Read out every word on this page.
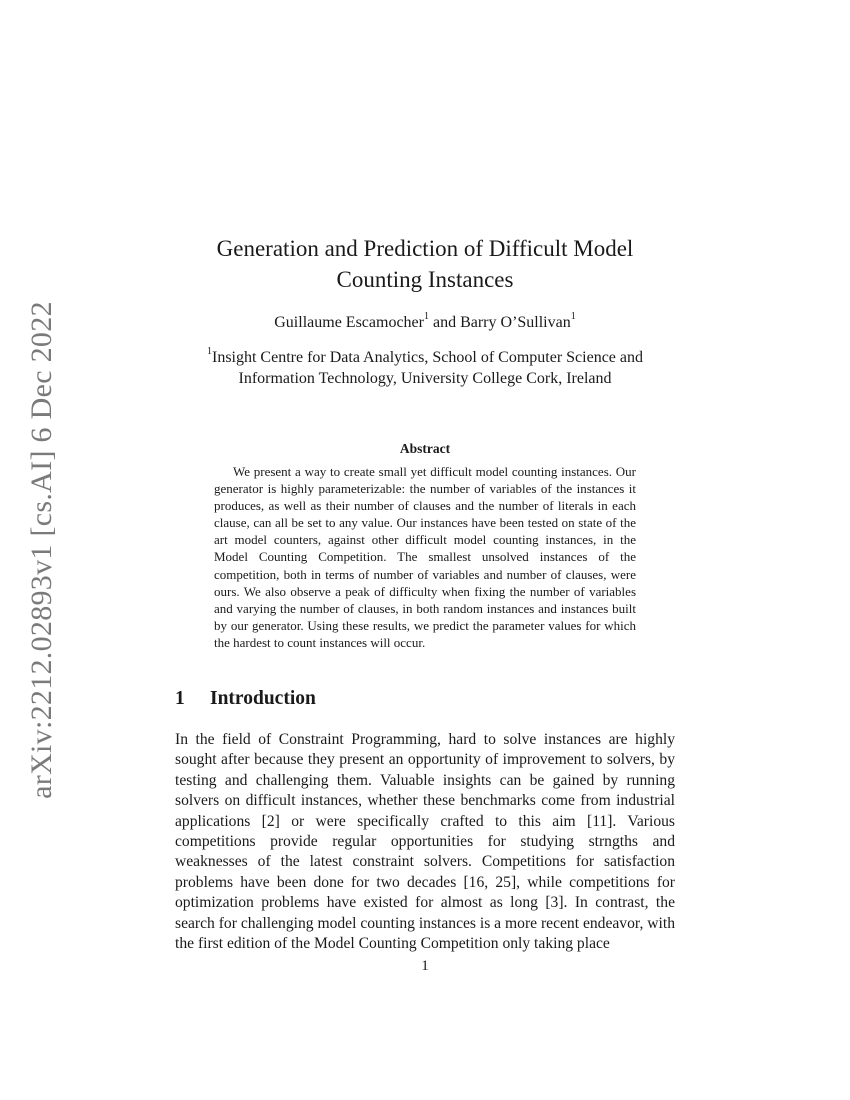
arXiv:2212.02893v1 [cs.AI] 6 Dec 2022
Generation and Prediction of Difficult Model Counting Instances
Guillaume Escamocher$^1$ and Barry O’Sullivan$^1$
$^1$Insight Centre for Data Analytics, School of Computer Science and Information Technology, University College Cork, Ireland
Abstract
We present a way to create small yet difficult model counting instances. Our generator is highly parameterizable: the number of variables of the instances it produces, as well as their number of clauses and the number of literals in each clause, can all be set to any value. Our instances have been tested on state of the art model counters, against other difficult model counting instances, in the Model Counting Competition. The smallest unsolved instances of the competition, both in terms of number of variables and number of clauses, were ours. We also observe a peak of difficulty when fixing the number of variables and varying the number of clauses, in both random instances and instances built by our generator. Using these results, we predict the parameter values for which the hardest to count instances will occur.
1 Introduction
In the field of Constraint Programming, hard to solve instances are highly sought after because they present an opportunity of improvement to solvers, by testing and challenging them. Valuable insights can be gained by running solvers on difficult instances, whether these benchmarks come from industrial applications [2] or were specifically crafted to this aim [11]. Various competitions provide regular opportunities for studying strngths and weaknesses of the latest constraint solvers. Competitions for satisfaction problems have been done for two decades [16, 25], while competitions for optimization problems have existed for almost as long [3]. In contrast, the search for challenging model counting instances is a more recent endeavor, with the first edition of the Model Counting Competition only taking place
1
